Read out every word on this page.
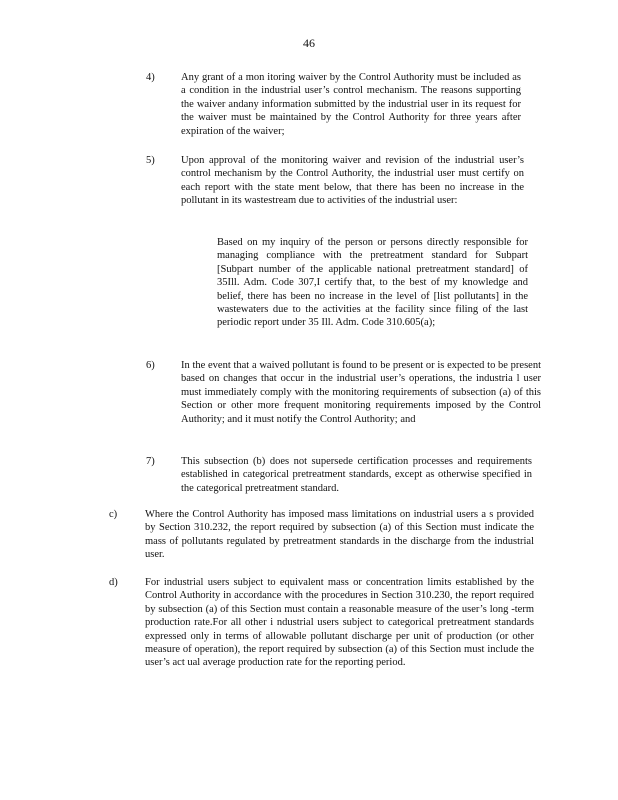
46
4)	Any grant of a mon itoring waiver by the Control Authority must be included as a condition in the industrial user’s control mechanism. The reasons supporting the waiver andany information submitted by the industrial user in its request for the waiver must be maintained by the Control Authority for three years after expiration of the waiver;
5)	Upon approval of the monitoring waiver and revision of the industrial user’s control mechanism by the Control Authority, the industrial user must certify on each report with the state ment below, that there has been no increase in the pollutant in its wastestream due to activities of the industrial user:
Based on my inquiry of the person or persons directly responsible for managing compliance with the pretreatment standard for Subpart [Subpart number of the applicable national pretreatment standard] of 35Ill. Adm. Code 307,I certify that, to the best of my knowledge and belief, there has been no increase in the level of [list pollutants] in the wastewaters due to the activities at the facility since filing of the last periodic report under 35 Ill. Adm. Code 310.605(a);
6)	In the event that a waived pollutant is found to be present or is expected to be present based on changes that occur in the industrial user’s operations, the industria l user must immediately comply with the monitoring requirements of subsection (a) of this Section or other more frequent monitoring requirements imposed by the Control Authority; and it must notify the Control Authority; and
7)	This subsection (b) does not supersede certification processes and requirements established in categorical pretreatment standards, except as otherwise specified in the categorical pretreatment standard.
c)	Where the Control Authority has imposed mass limitations on industrial users a s provided by Section 310.232, the report required by subsection (a) of this Section must indicate the mass of pollutants regulated by pretreatment standards in the discharge from the industrial user.
d)	For industrial users subject to equivalent mass or concentration limits established by the Control Authority in accordance with the procedures in Section 310.230, the report required by subsection (a) of this Section must contain a reasonable measure of the user’s long -term production rate.For all other i ndustrial users subject to categorical pretreatment standards expressed only in terms of allowable pollutant discharge per unit of production (or other measure of operation), the report required by subsection (a) of this Section must include the user’s act ual average production rate for the reporting period.
